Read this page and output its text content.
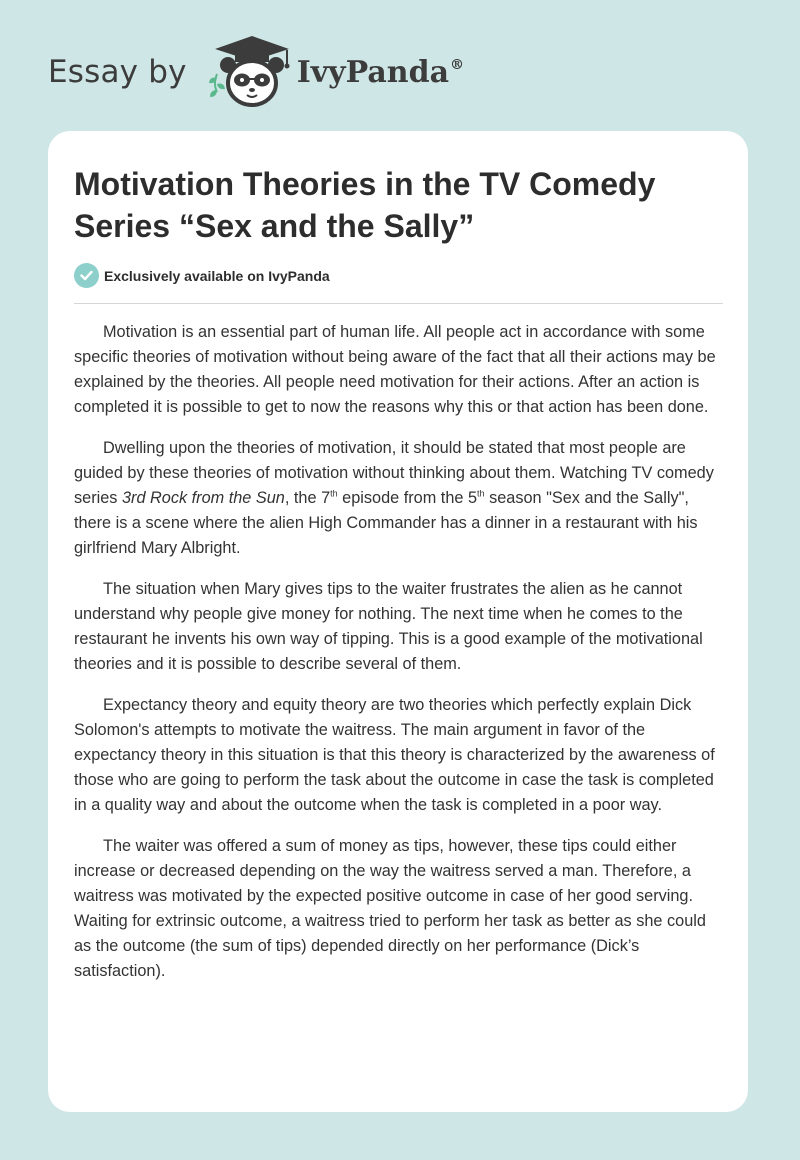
Essay by	IvyPanda®
Motivation Theories in the TV Comedy Series “Sex and the Sally”
Exclusively available on IvyPanda

Motivation is an essential part of human life. All people act in accordance with some specific theories of motivation without being aware of the fact that all their actions may be explained by the theories. All people need motivation for their actions. After an action is completed it is possible to get to now the reasons why this or that action has been done.

Dwelling upon the theories of motivation, it should be stated that most people are guided by these theories of motivation without thinking about them. Watching TV comedy series 3rd Rock from the Sun, the 7th episode from the 5th season "Sex and the Sally", there is a scene where the alien High Commander has a dinner in a restaurant with his girlfriend Mary Albright.

The situation when Mary gives tips to the waiter frustrates the alien as he cannot understand why people give money for nothing. The next time when he comes to the restaurant he invents his own way of tipping. This is a good example of the motivational theories and it is possible to describe several of them.

Expectancy theory and equity theory are two theories which perfectly explain Dick Solomon's attempts to motivate the waitress. The main argument in favor of the expectancy theory in this situation is that this theory is characterized by the awareness of those who are going to perform the task about the outcome in case the task is completed in a quality way and about the outcome when the task is completed in a poor way.

The waiter was offered a sum of money as tips, however, these tips could either increase or decreased depending on the way the waitress served a man. Therefore, a waitress was motivated by the expected positive outcome in case of her good serving. Waiting for extrinsic outcome, a waitress tried to perform her task as better as she could as the outcome (the sum of tips) depended directly on her performance (Dick’s satisfaction).
